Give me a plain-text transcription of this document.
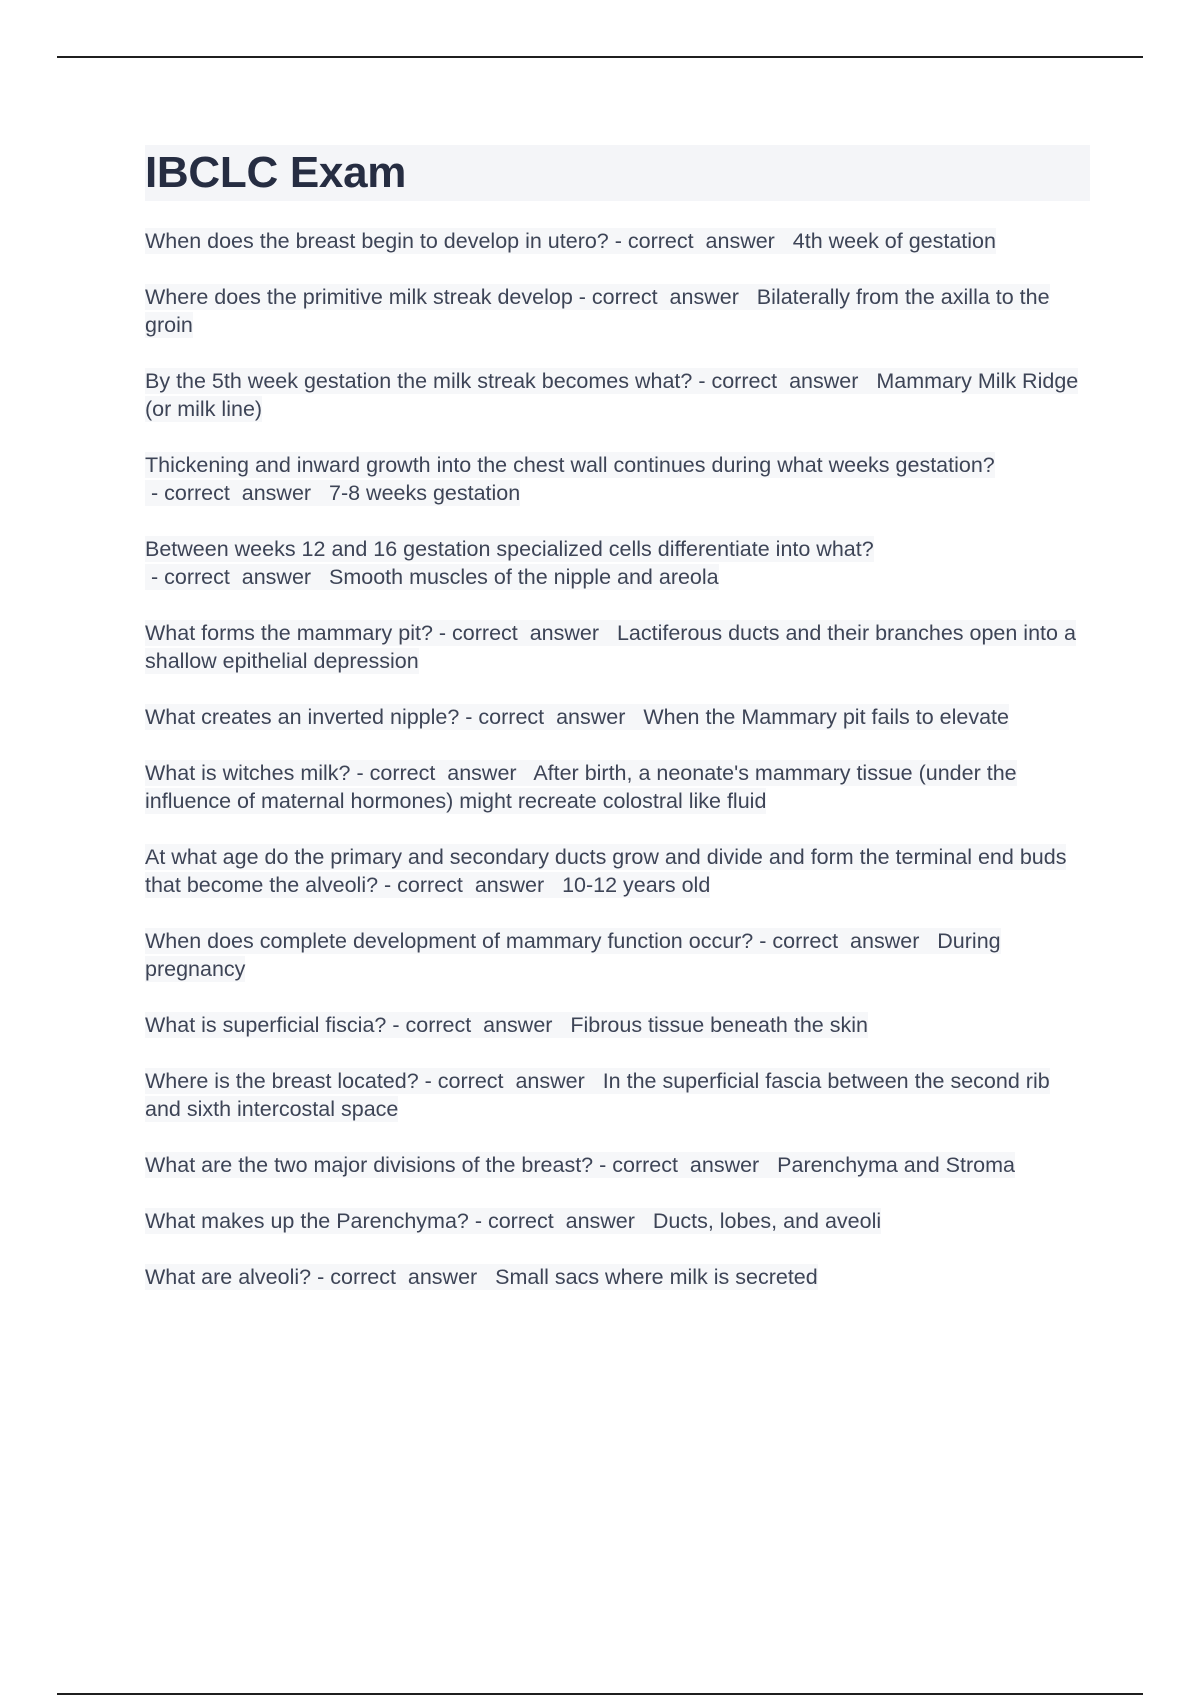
IBCLC Exam
When does the breast begin to develop in utero? - correct  answer   4th week of gestation
Where does the primitive milk streak develop - correct  answer   Bilaterally from the axilla to the groin
By the 5th week gestation the milk streak becomes what? - correct  answer   Mammary Milk Ridge (or milk line)
Thickening and inward growth into the chest wall continues during what weeks gestation? - correct  answer   7-8 weeks gestation
Between weeks 12 and 16 gestation specialized cells differentiate into what? - correct  answer   Smooth muscles of the nipple and areola
What forms the mammary pit? - correct  answer   Lactiferous ducts and their branches open into a shallow epithelial depression
What creates an inverted nipple? - correct  answer   When the Mammary pit fails to elevate
What is witches milk? - correct  answer   After birth, a neonate's mammary tissue (under the influence of maternal hormones) might recreate colostral like fluid
At what age do the primary and secondary ducts grow and divide and form the terminal end buds that become the alveoli? - correct  answer   10-12 years old
When does complete development of mammary function occur? - correct  answer   During pregnancy
What is superficial fiscia? - correct  answer   Fibrous tissue beneath the skin
Where is the breast located? - correct  answer   In the superficial fascia between the second rib and sixth intercostal space
What are the two major divisions of the breast? - correct  answer   Parenchyma and Stroma
What makes up the Parenchyma? - correct  answer   Ducts, lobes, and aveoli
What are alveoli? - correct  answer   Small sacs where milk is secreted
